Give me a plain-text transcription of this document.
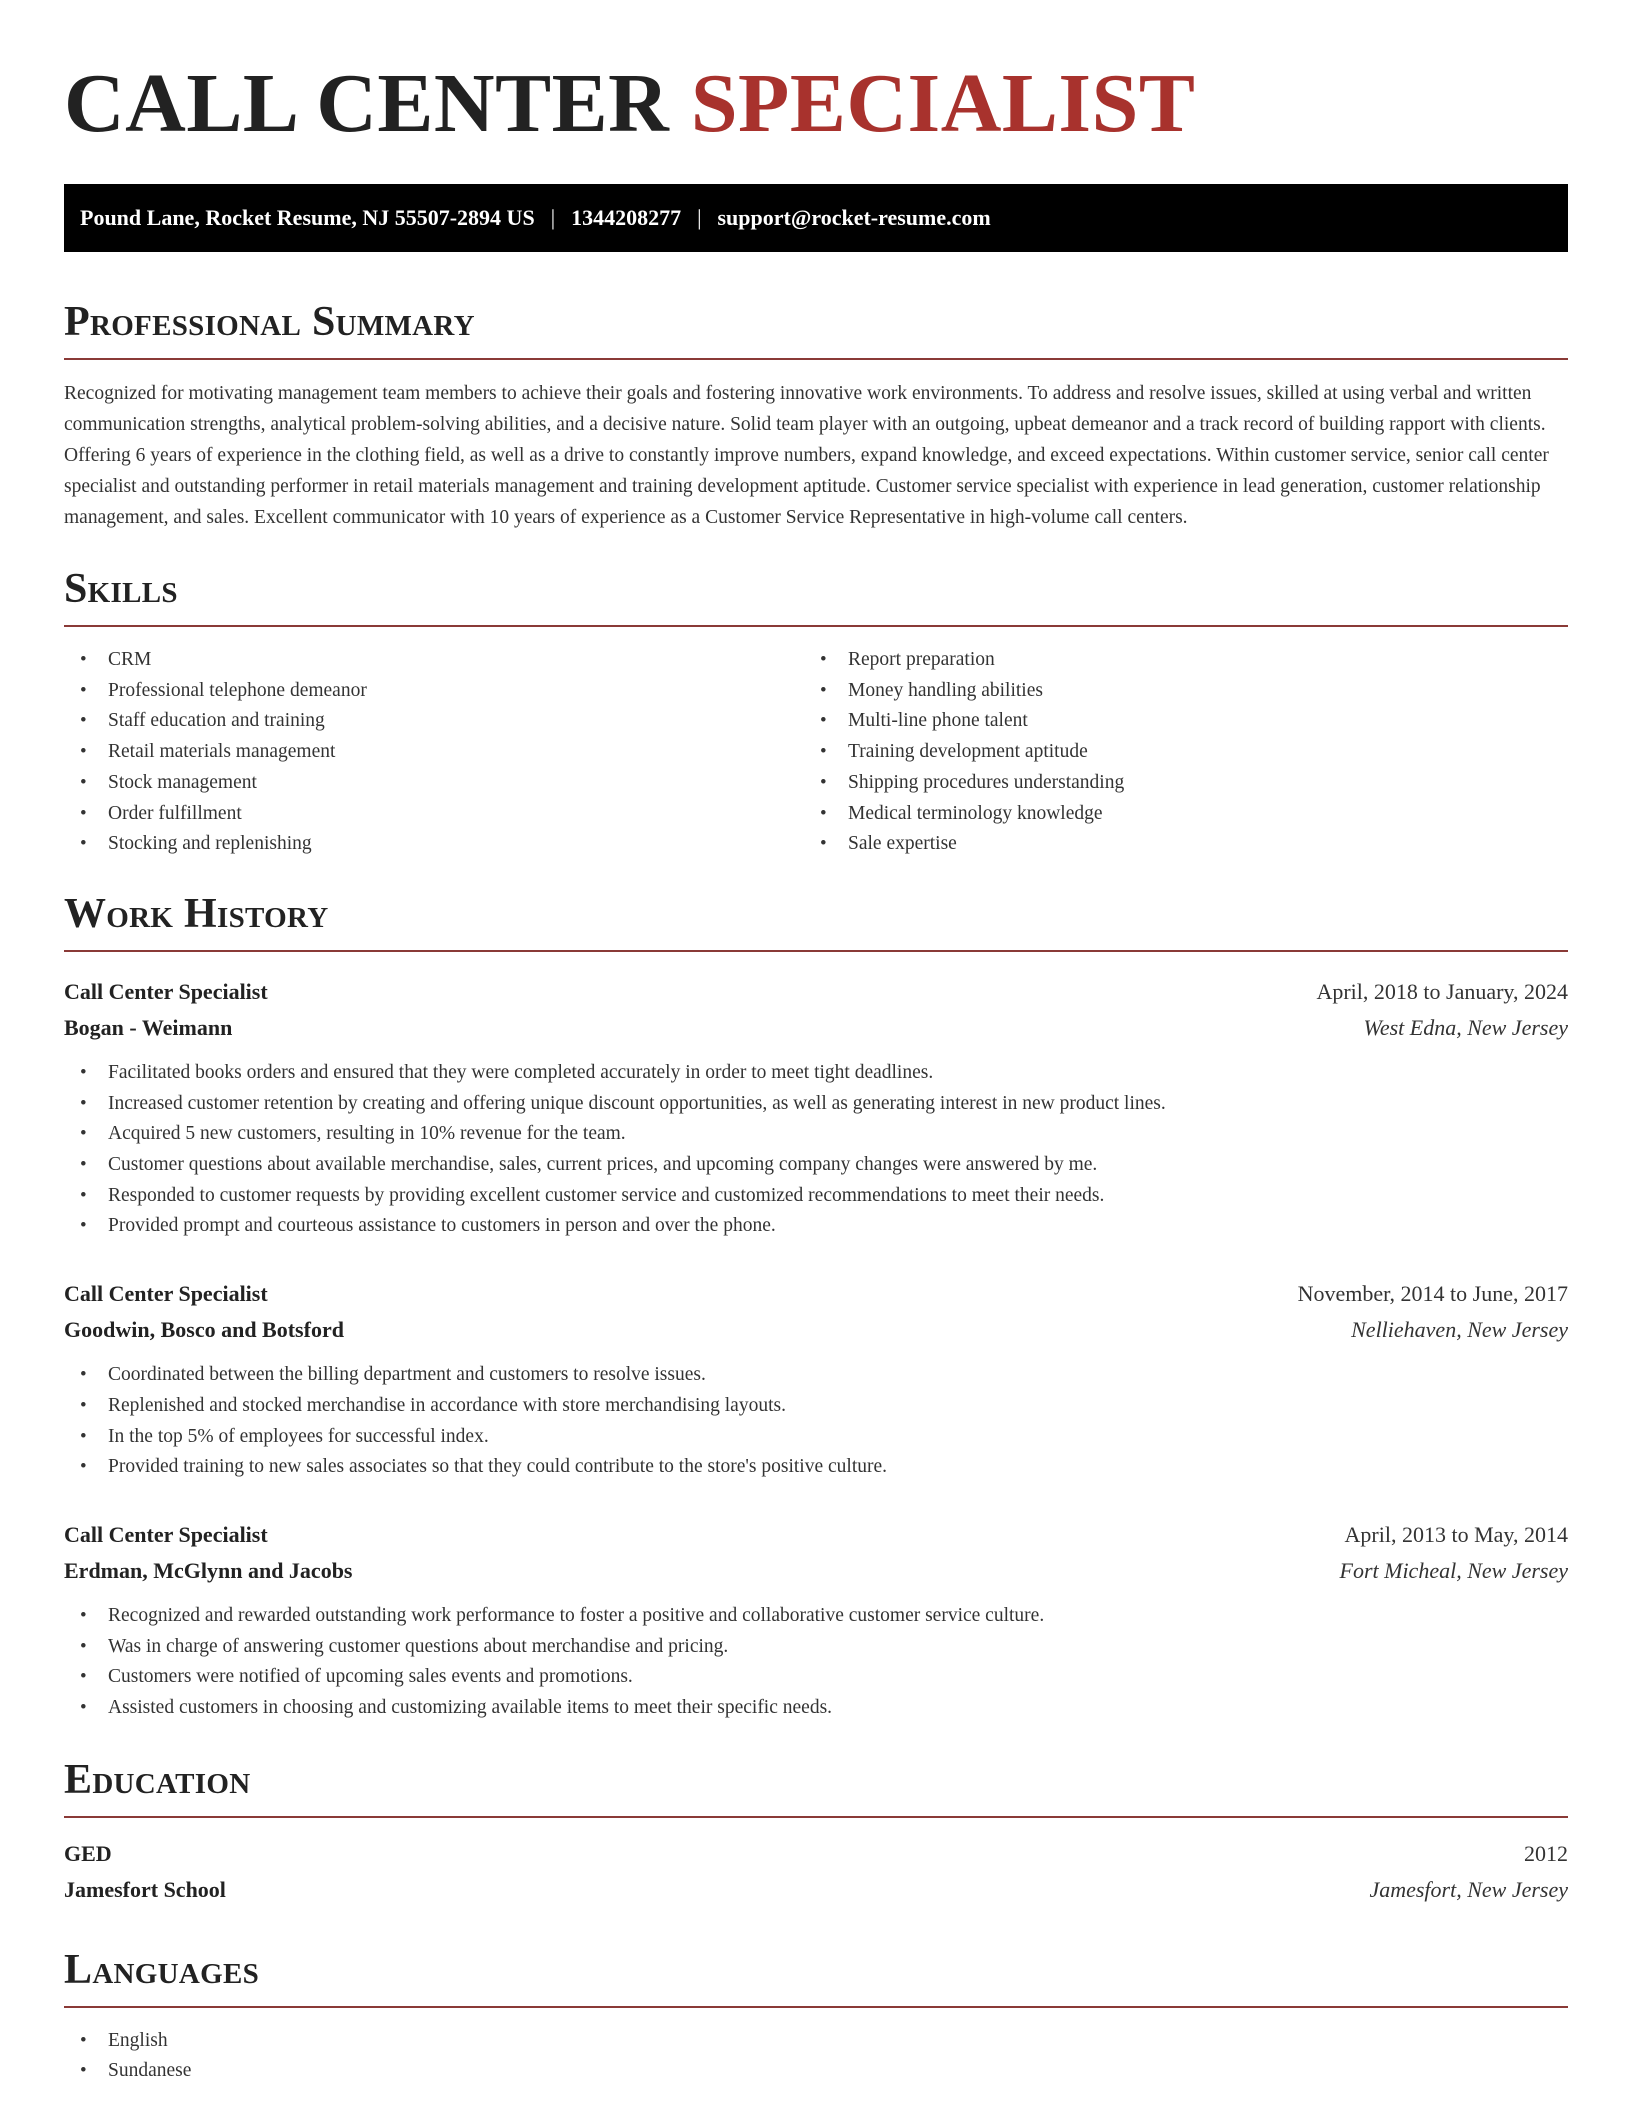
CALL CENTER SPECIALIST
Pound Lane, Rocket Resume, NJ 55507-2894 US | 1344208277 | support@rocket-resume.com
Professional Summary

Recognized for motivating management team members to achieve their goals and fostering innovative work environments. To address and resolve issues, skilled at using verbal and written communication strengths, analytical problem-solving abilities, and a decisive nature. Solid team player with an outgoing, upbeat demeanor and a track record of building rapport with clients. Offering 6 years of experience in the clothing field, as well as a drive to constantly improve numbers, expand knowledge, and exceed expectations. Within customer service, senior call center specialist and outstanding performer in retail materials management and training development aptitude. Customer service specialist with experience in lead generation, customer relationship management, and sales. Excellent communicator with 10 years of experience as a Customer Service Representative in high-volume call centers.

Skills
• CRM
• Professional telephone demeanor
• Staff education and training
• Retail materials management
• Stock management
• Order fulfillment
• Stocking and replenishing
• Report preparation
• Money handling abilities
• Multi-line phone talent
• Training development aptitude
• Shipping procedures understanding
• Medical terminology knowledge
• Sale expertise
Work History
Call Center Specialist	April, 2018 to January, 2024
Bogan - Weimann	West Edna, New Jersey
• Facilitated books orders and ensured that they were completed accurately in order to meet tight deadlines.
• Increased customer retention by creating and offering unique discount opportunities, as well as generating interest in new product lines.
• Acquired 5 new customers, resulting in 10% revenue for the team.
• Customer questions about available merchandise, sales, current prices, and upcoming company changes were answered by me.
• Responded to customer requests by providing excellent customer service and customized recommendations to meet their needs.
• Provided prompt and courteous assistance to customers in person and over the phone.
Call Center Specialist	November, 2014 to June, 2017
Goodwin, Bosco and Botsford	Nelliehaven, New Jersey
• Coordinated between the billing department and customers to resolve issues.
• Replenished and stocked merchandise in accordance with store merchandising layouts.
• In the top 5% of employees for successful index.
• Provided training to new sales associates so that they could contribute to the store's positive culture.
Call Center Specialist	April, 2013 to May, 2014
Erdman, McGlynn and Jacobs	Fort Micheal, New Jersey
• Recognized and rewarded outstanding work performance to foster a positive and collaborative customer service culture.
• Was in charge of answering customer questions about merchandise and pricing.
• Customers were notified of upcoming sales events and promotions.
• Assisted customers in choosing and customizing available items to meet their specific needs.
Education
GED	2012
Jamesfort School	Jamesfort, New Jersey
Languages
• English
• Sundanese
